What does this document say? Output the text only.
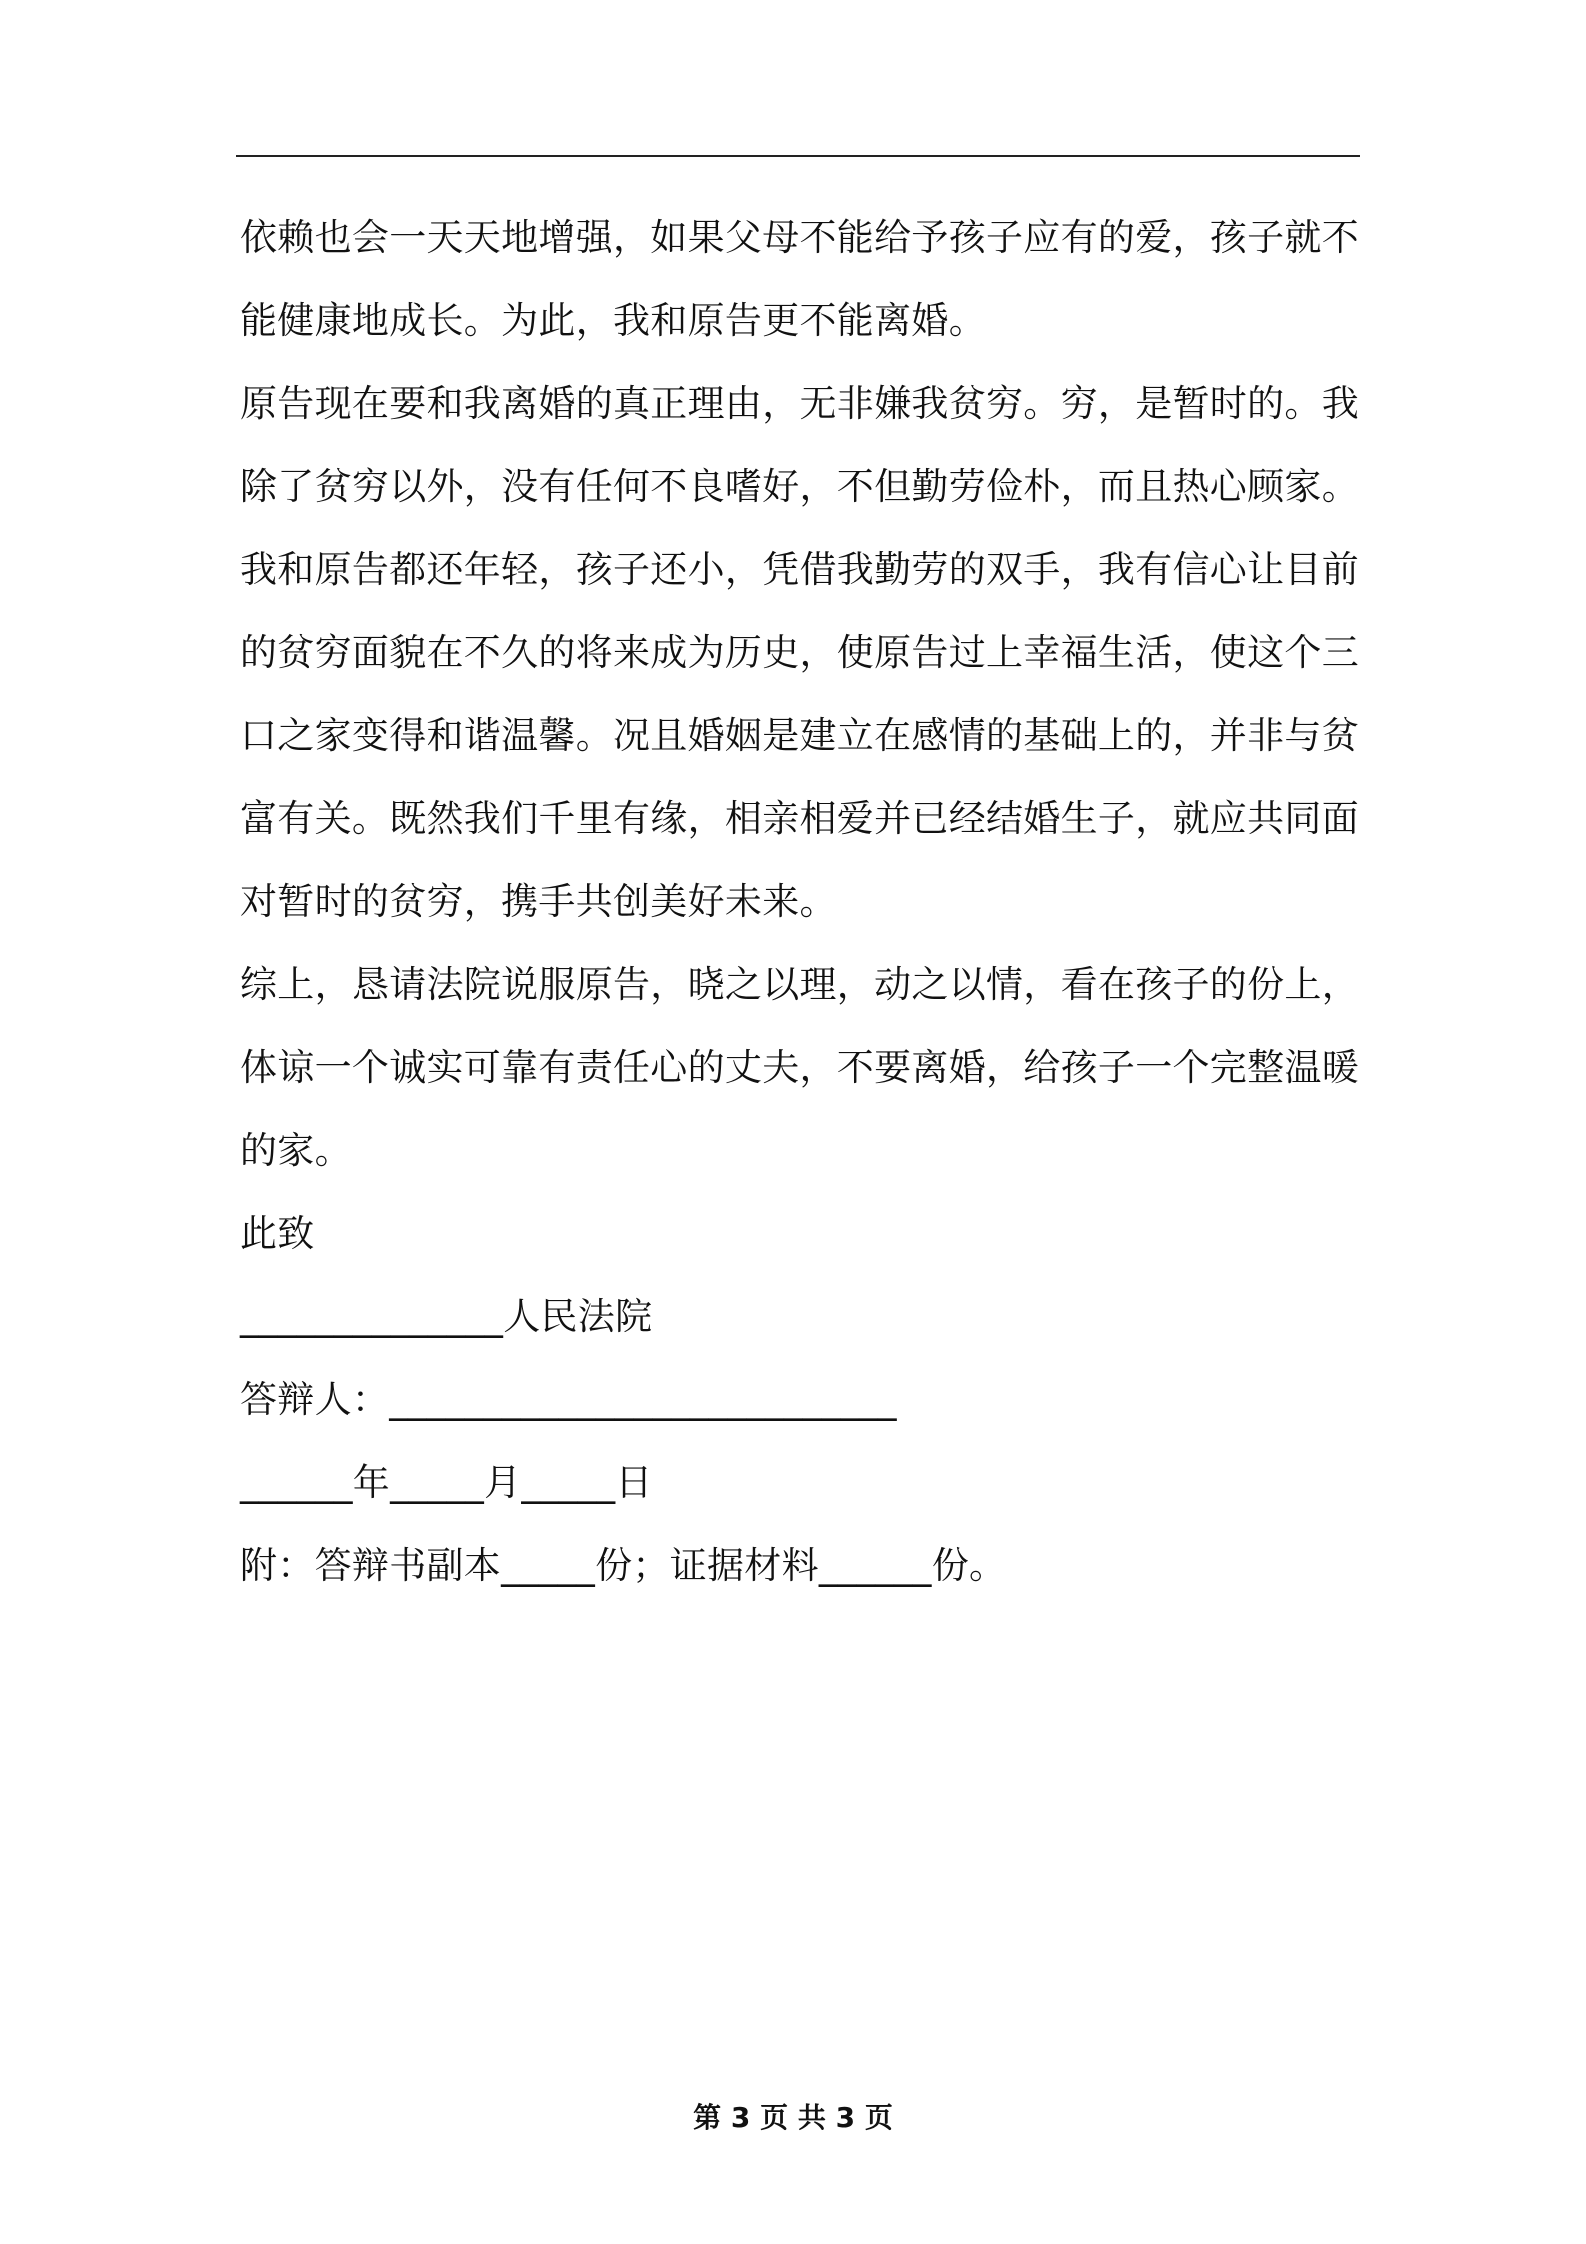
依赖也会一天天地增强，如果父母不能给予孩子应有的爱，孩子就不
能健康地成长。为此，我和原告更不能离婚。
原告现在要和我离婚的真正理由，无非嫌我贫穷。穷，是暂时的。我
除了贫穷以外，没有任何不良嗜好，不但勤劳俭朴，而且热心顾家。
我和原告都还年轻，孩子还小，凭借我勤劳的双手，我有信心让目前
的贫穷面貌在不久的将来成为历史，使原告过上幸福生活，使这个三
口之家变得和谐温馨。况且婚姻是建立在感情的基础上的，并非与贫
富有关。既然我们千里有缘，相亲相爱并已经结婚生子，就应共同面
对暂时的贫穷，携手共创美好未来。
综上，恳请法院说服原告，晓之以理，动之以情，看在孩子的份上，
体谅一个诚实可靠有责任心的丈夫，不要离婚，给孩子一个完整温暖
的家。
此致
______________人民法院
答辩人：___________________________
______年_____月_____日
附：答辩书副本_____份；证据材料______份。
第 3 页 共 3 页
